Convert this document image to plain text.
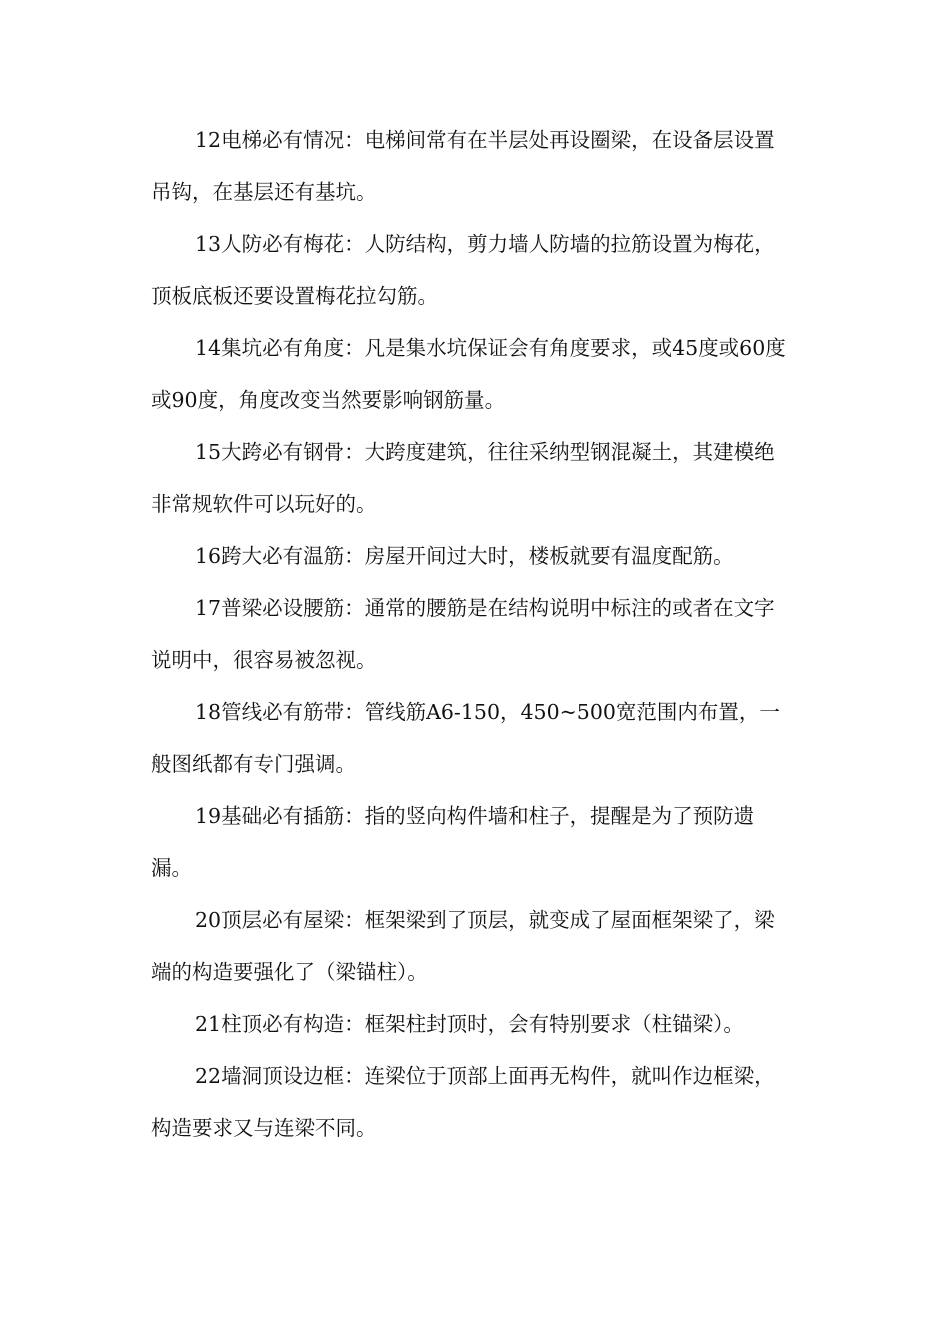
12电梯必有情况：电梯间常有在半层处再设圈梁，在设备层设置吊钩，在基层还有基坑。

13人防必有梅花：人防结构，剪力墙人防墙的拉筋设置为梅花，顶板底板还要设置梅花拉勾筋。

14集坑必有角度：凡是集水坑保证会有角度要求，或45度或60度或90度，角度改变当然要影响钢筋量。

15大跨必有钢骨：大跨度建筑，往往采纳型钢混凝土，其建模绝非常规软件可以玩好的。

16跨大必有温筋：房屋开间过大时，楼板就要有温度配筋。

17普梁必设腰筋：通常的腰筋是在结构说明中标注的或者在文字说明中，很容易被忽视。

18管线必有筋带：管线筋A6-150，450~500宽范围内布置，一般图纸都有专门强调。

19基础必有插筋：指的竖向构件墙和柱子，提醒是为了预防遗漏。

20顶层必有屋梁：框架梁到了顶层，就变成了屋面框架梁了，梁端的构造要强化了（梁锚柱）。

21柱顶必有构造：框架柱封顶时，会有特别要求（柱锚梁）。

22墙洞顶设边框：连梁位于顶部上面再无构件，就叫作边框梁，构造要求又与连梁不同。
